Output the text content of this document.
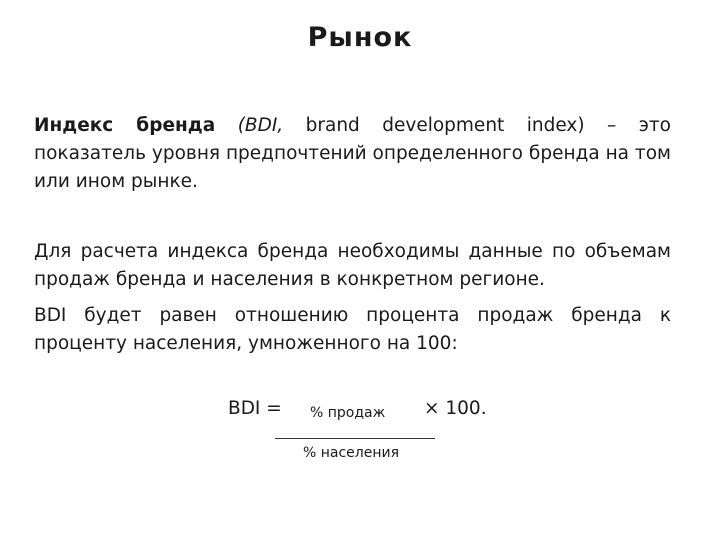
Рынок
Индекс бренда (BDI, brand development index) – это показатель уровня предпочтений определенного бренда на том или ином рынке.
Для расчета индекса бренда необходимы данные по объемам продаж бренда и населения в конкретном регионе.
BDI будет равен отношению процента продаж бренда к проценту населения, умноженного на 100:
BDI = % продаж × 100.
% населения
